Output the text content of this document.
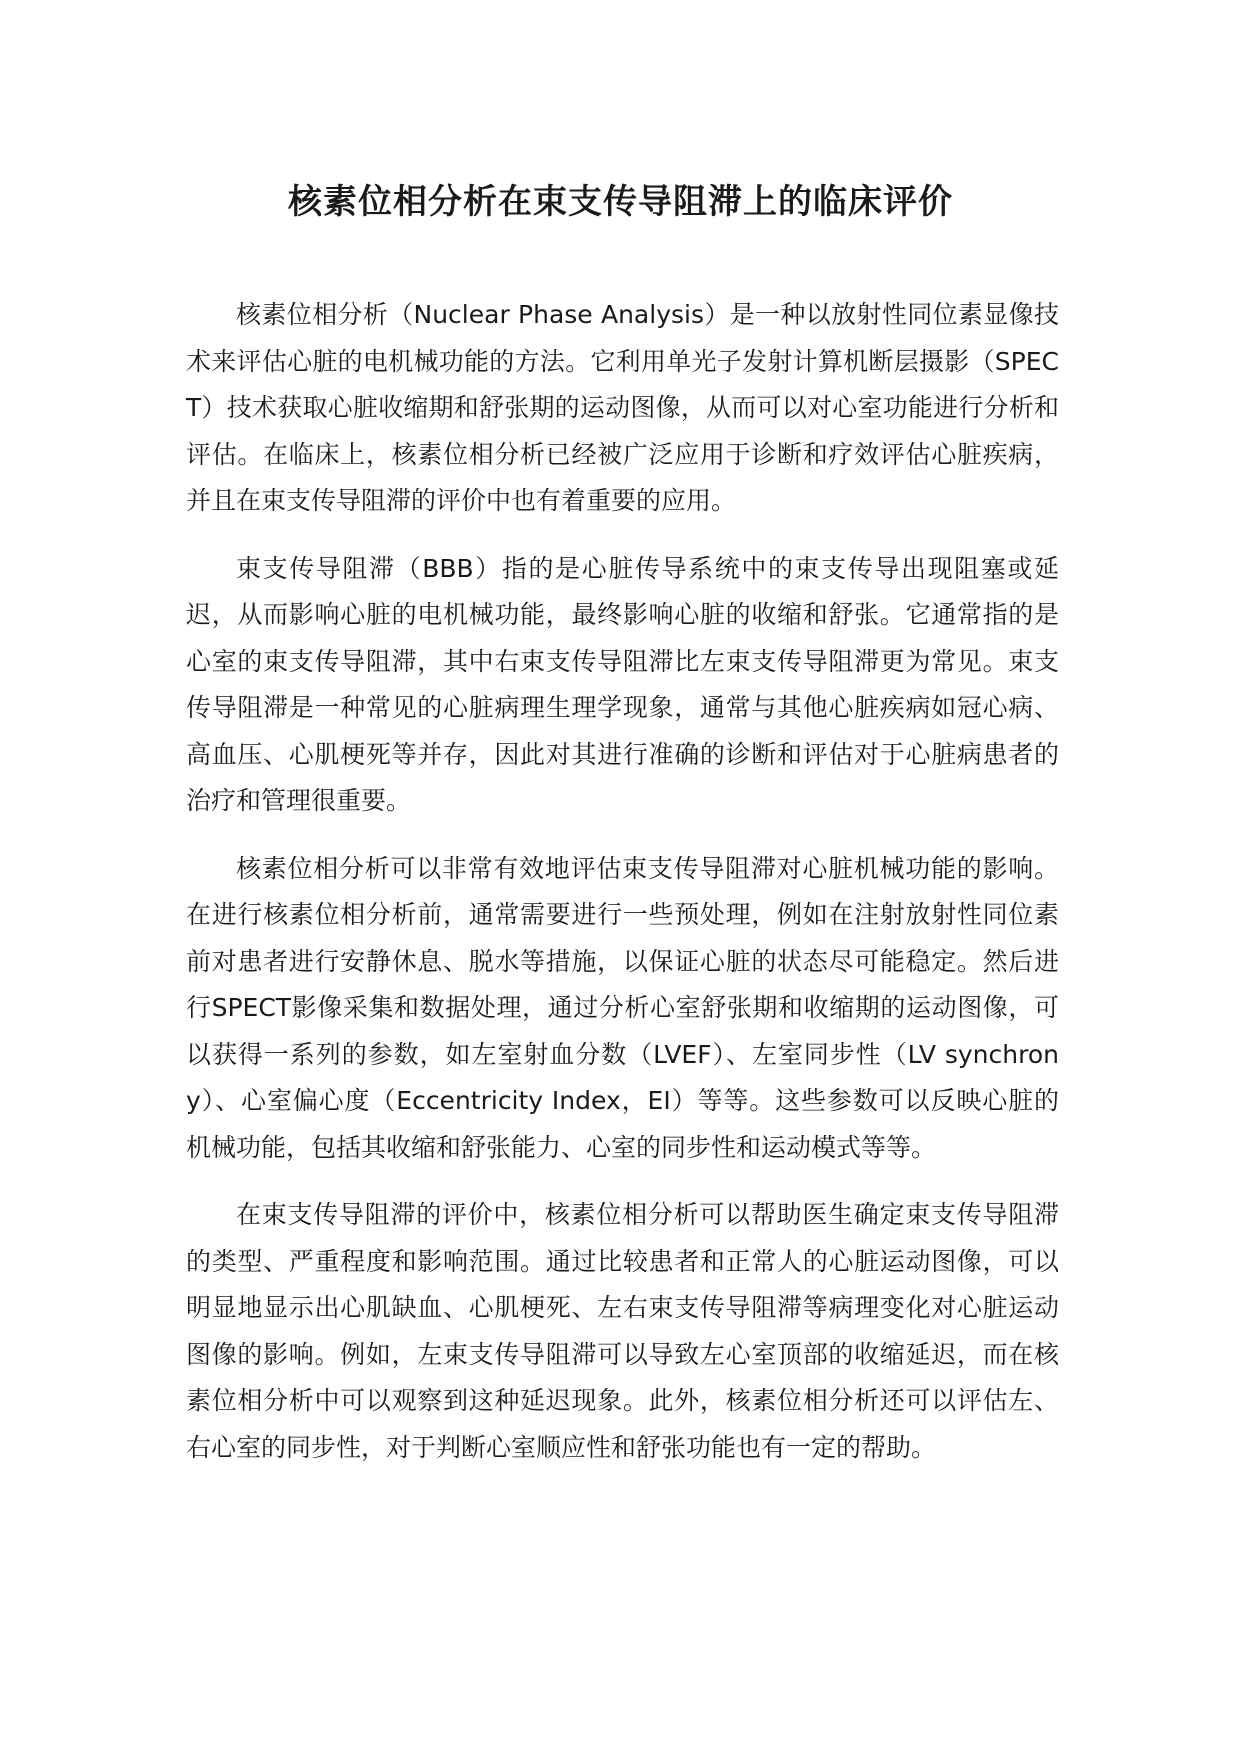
核素位相分析在束支传导阻滞上的临床评价

核素位相分析（Nuclear Phase Analysis）是一种以放射性同位素显像技术来评估心脏的电机械功能的方法。它利用单光子发射计算机断层摄影（SPECT）技术获取心脏收缩期和舒张期的运动图像，从而可以对心室功能进行分析和评估。在临床上，核素位相分析已经被广泛应用于诊断和疗效评估心脏疾病，并且在束支传导阻滞的评价中也有着重要的应用。

束支传导阻滞（BBB）指的是心脏传导系统中的束支传导出现阻塞或延迟，从而影响心脏的电机械功能，最终影响心脏的收缩和舒张。它通常指的是心室的束支传导阻滞，其中右束支传导阻滞比左束支传导阻滞更为常见。束支传导阻滞是一种常见的心脏病理生理学现象，通常与其他心脏疾病如冠心病、高血压、心肌梗死等并存，因此对其进行准确的诊断和评估对于心脏病患者的治疗和管理很重要。

核素位相分析可以非常有效地评估束支传导阻滞对心脏机械功能的影响。在进行核素位相分析前，通常需要进行一些预处理，例如在注射放射性同位素前对患者进行安静休息、脱水等措施，以保证心脏的状态尽可能稳定。然后进行SPECT影像采集和数据处理，通过分析心室舒张期和收缩期的运动图像，可以获得一系列的参数，如左室射血分数（LVEF）、左室同步性（LV synchrony）、心室偏心度（Eccentricity Index，EI）等等。这些参数可以反映心脏的机械功能，包括其收缩和舒张能力、心室的同步性和运动模式等等。

在束支传导阻滞的评价中，核素位相分析可以帮助医生确定束支传导阻滞的类型、严重程度和影响范围。通过比较患者和正常人的心脏运动图像，可以明显地显示出心肌缺血、心肌梗死、左右束支传导阻滞等病理变化对心脏运动图像的影响。例如，左束支传导阻滞可以导致左心室顶部的收缩延迟，而在核素位相分析中可以观察到这种延迟现象。此外，核素位相分析还可以评估左、右心室的同步性，对于判断心室顺应性和舒张功能也有一定的帮助。
